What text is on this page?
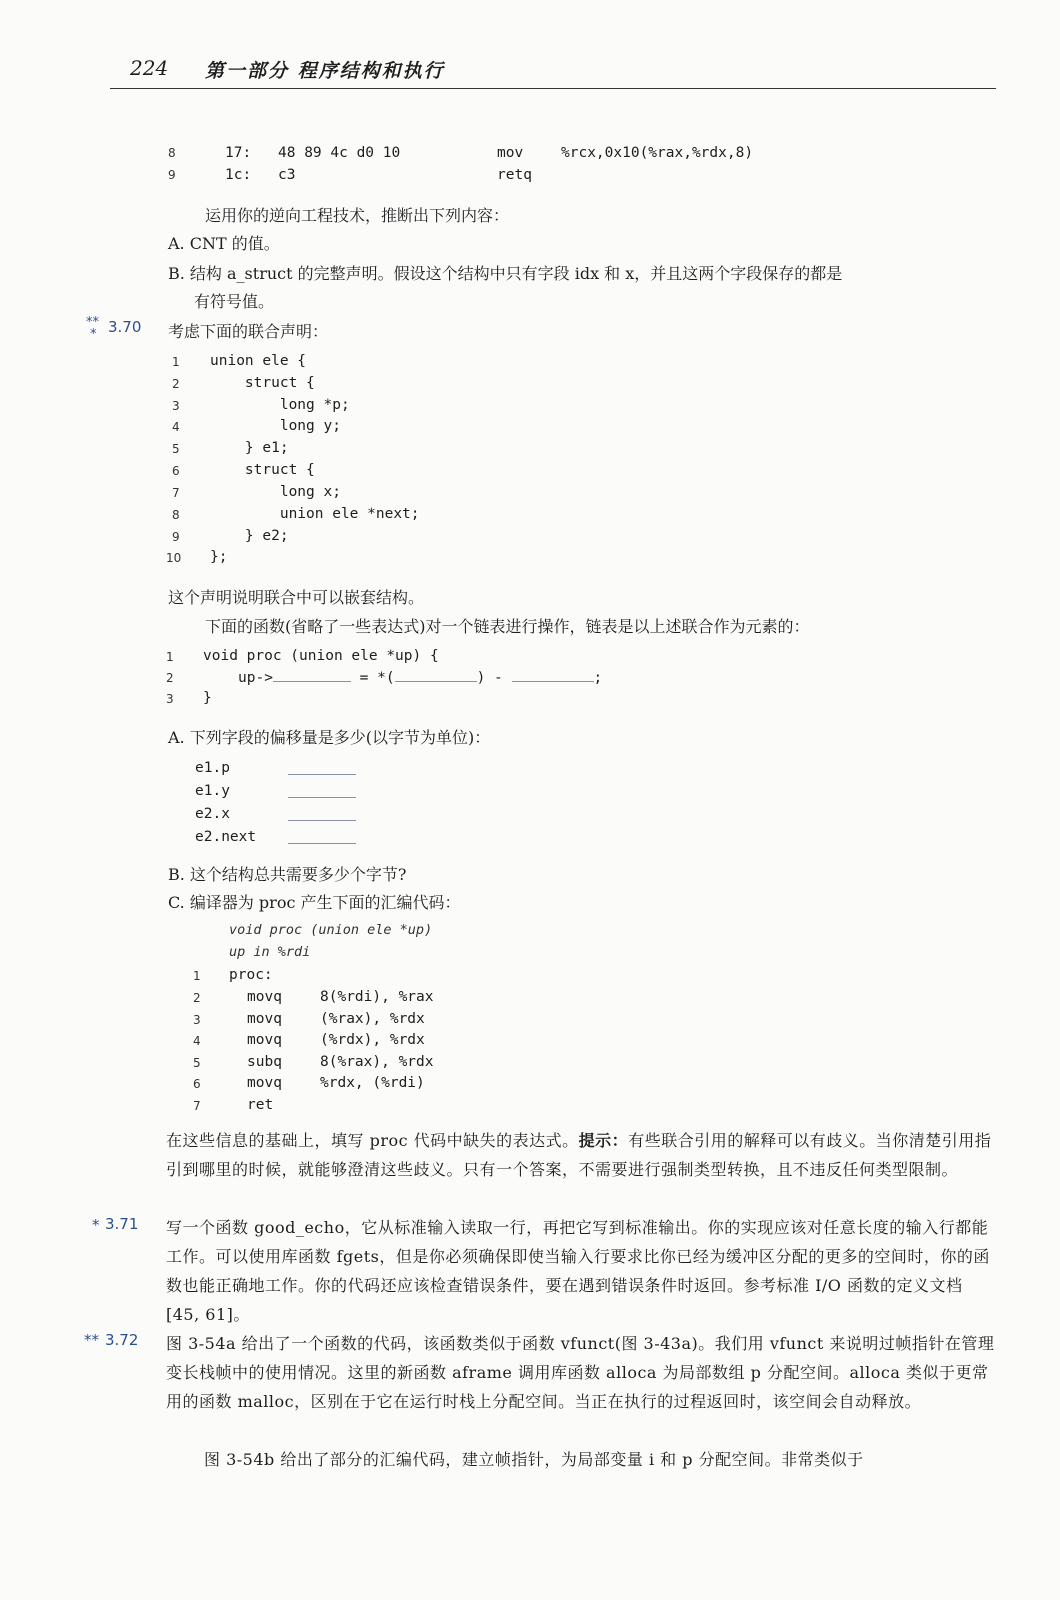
224 第一部分 程序结构和执行
8	17: 48 89 4c d0 10	mov	%rcx,0x10(%rax,%rdx,8)
9	1c: c3	retq
运用你的逆向工程技术，推断出下列内容：
A. CNT 的值。
B. 结构 a_struct 的完整声明。假设这个结构中只有字段 idx 和 x，并且这两个字段保存的都是
有符号值。
**
* 3.70 考虑下面的联合声明：
1 union ele {
2 struct {
3 long *p;
4 long y;
5 } e1;
6 struct {
7 long x;
8 union ele *next;
9 } e2;
10 };
这个声明说明联合中可以嵌套结构。
下面的函数(省略了一些表达式)对一个链表进行操作，链表是以上述联合作为元素的：
1 void proc (union ele *up) {
2	up->	= *(	) -	;
3 }
A. 下列字段的偏移量是多少(以字节为单位)：
e1.p
e1.y
e2.x
e2.next
B. 这个结构总共需要多少个字节?
C. 编译器为 proc 产生下面的汇编代码：
void proc (union ele *up)
up in %rdi
1 proc:
2	movq	8(%rdi), %rax
3	movq	(%rax), %rdx
4	movq	(%rdx), %rdx
5	subq	8(%rax), %rdx
6	movq	%rdx, (%rdi)
7	ret
在这些信息的基础上，填写 proc 代码中缺失的表达式。提示：有些联合引用的解释可以有歧义。当你清楚引用指引到哪里的时候，就能够澄清这些歧义。只有一个答案，不需要进行强制类型转换，且不违反任何类型限制。
* 3.71 写一个函数 good_echo，它从标准输入读取一行，再把它写到标准输出。你的实现应该对任意长度的输入行都能工作。可以使用库函数 fgets，但是你必须确保即使当输入行要求比你已经为缓冲区分配的更多的空间时，你的函数也能正确地工作。你的代码还应该检查错误条件，要在遇到错误条件时返回。参考标准 I/O 函数的定义文档[45, 61]。
** 3.72 图 3-54a 给出了一个函数的代码，该函数类似于函数 vfunct(图 3-43a)。我们用 vfunct 来说明过帧指针在管理变长栈帧中的使用情况。这里的新函数 aframe 调用库函数 alloca 为局部数组 p 分配空间。alloca 类似于更常用的函数 malloc，区别在于它在运行时栈上分配空间。当正在执行的过程返回时，该空间会自动释放。
图 3-54b 给出了部分的汇编代码，建立帧指针，为局部变量 i 和 p 分配空间。非常类似于
